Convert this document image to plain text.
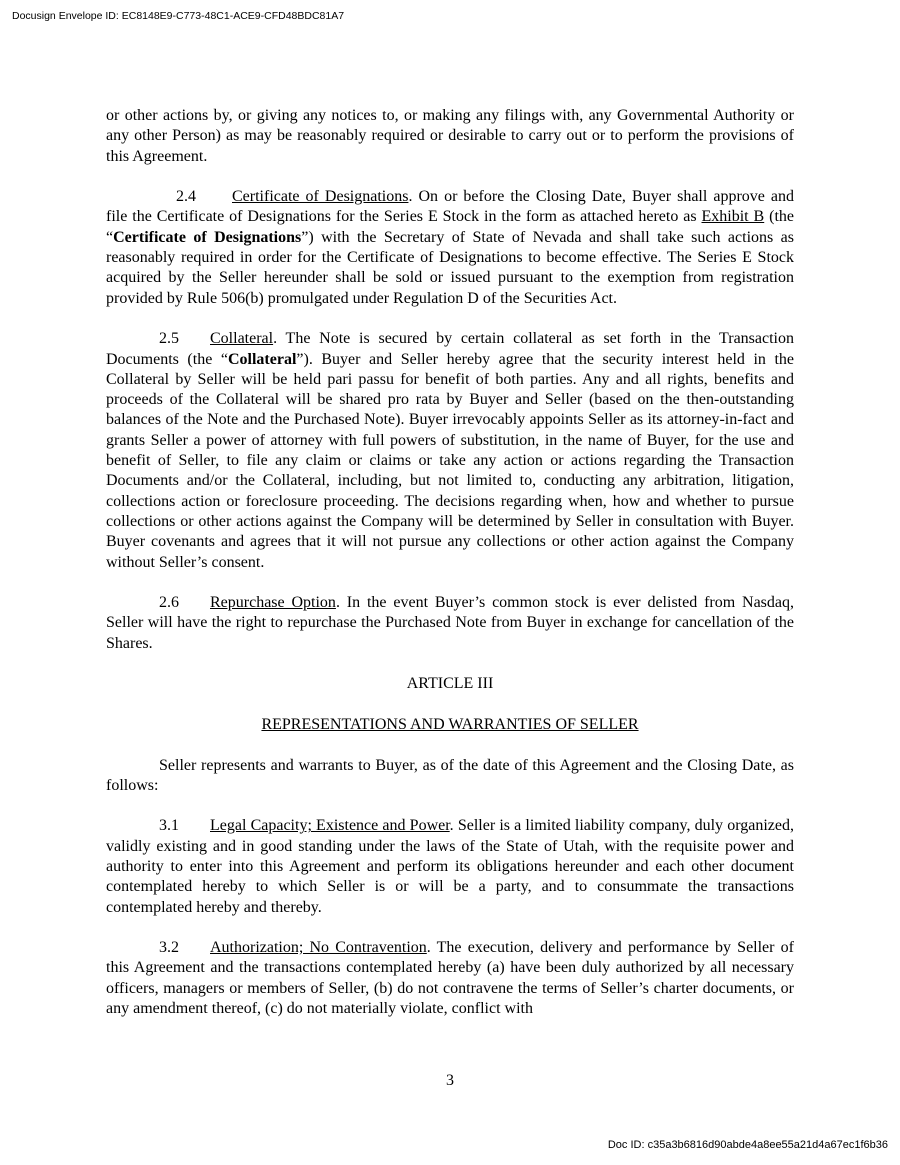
Docusign Envelope ID: EC8148E9-C773-48C1-ACE9-CFD48BDC81A7

or other actions by, or giving any notices to, or making any filings with, any Governmental Authority or any other Person) as may be reasonably required or desirable to carry out or to perform the provisions of this Agreement.

2.4 Certificate of Designations. On or before the Closing Date, Buyer shall approve and file the Certificate of Designations for the Series E Stock in the form as attached hereto as Exhibit B (the “Certificate of Designations”) with the Secretary of State of Nevada and shall take such actions as reasonably required in order for the Certificate of Designations to become effective. The Series E Stock acquired by the Seller hereunder shall be sold or issued pursuant to the exemption from registration provided by Rule 506(b) promulgated under Regulation D of the Securities Act.

2.5 Collateral. The Note is secured by certain collateral as set forth in the Transaction Documents (the “Collateral”). Buyer and Seller hereby agree that the security interest held in the Collateral by Seller will be held pari passu for benefit of both parties. Any and all rights, benefits and proceeds of the Collateral will be shared pro rata by Buyer and Seller (based on the then-outstanding balances of the Note and the Purchased Note). Buyer irrevocably appoints Seller as its attorney-in-fact and grants Seller a power of attorney with full powers of substitution, in the name of Buyer, for the use and benefit of Seller, to file any claim or claims or take any action or actions regarding the Transaction Documents and/or the Collateral, including, but not limited to, conducting any arbitration, litigation, collections action or foreclosure proceeding. The decisions regarding when, how and whether to pursue collections or other actions against the Company will be determined by Seller in consultation with Buyer. Buyer covenants and agrees that it will not pursue any collections or other action against the Company without Seller’s consent.

2.6 Repurchase Option. In the event Buyer’s common stock is ever delisted from Nasdaq, Seller will have the right to repurchase the Purchased Note from Buyer in exchange for cancellation of the Shares.

ARTICLE III

REPRESENTATIONS AND WARRANTIES OF SELLER

Seller represents and warrants to Buyer, as of the date of this Agreement and the Closing Date, as follows:

3.1 Legal Capacity; Existence and Power. Seller is a limited liability company, duly organized, validly existing and in good standing under the laws of the State of Utah, with the requisite power and authority to enter into this Agreement and perform its obligations hereunder and each other document contemplated hereby to which Seller is or will be a party, and to consummate the transactions contemplated hereby and thereby.

3.2 Authorization; No Contravention. The execution, delivery and performance by Seller of this Agreement and the transactions contemplated hereby (a) have been duly authorized by all necessary officers, managers or members of Seller, (b) do not contravene the terms of Seller’s charter documents, or any amendment thereof, (c) do not materially violate, conflict with

3
Doc ID: c35a3b6816d90abde4a8ee55a21d4a67ec1f6b36
